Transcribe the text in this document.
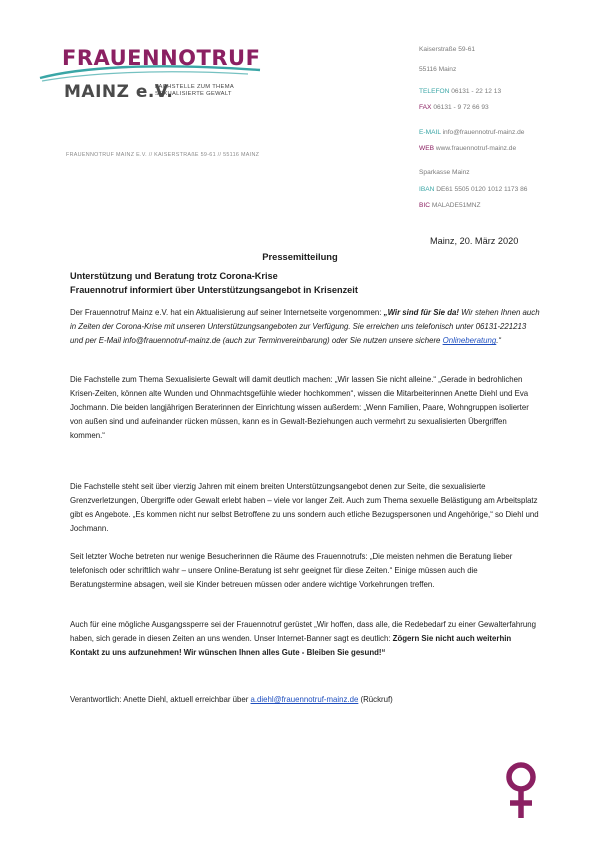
FRAUENNOTRUF
MAINZ e.V.
FACHSTELLE ZUM THEMA
SEXUALISIERTE GEWALT
FRAUENNOTRUF MAINZ E.V. // KAISERSTRAßE 59-61 // 55116 MAINZ
Kaiserstraße 59-61
55116 Mainz
TELEFON 06131 - 22 12 13
FAX 06131 - 9 72 66 93
E-MAIL info@frauennotruf-mainz.de
WEB www.frauennotruf-mainz.de
Sparkasse Mainz
IBAN DE61 5505 0120 1012 1173 86
BIC MALADE51MNZ
Mainz, 20. März 2020
Pressemitteilung
Unterstützung und Beratung trotz Corona-Krise
Frauennotruf informiert über Unterstützungsangebot in Krisenzeit

Der Frauennotruf Mainz e.V. hat ein Aktualisierung auf seiner Internetseite vorgenommen: „Wir sind für Sie da! Wir stehen Ihnen auch in Zeiten der Corona-Krise mit unseren Unterstützungsangeboten zur Verfügung. Sie erreichen uns telefonisch unter 06131-221213 und per E-Mail info@frauennotruf-mainz.de (auch zur Terminvereinbarung) oder Sie nutzen unsere sichere Onlineberatung.“

Die Fachstelle zum Thema Sexualisierte Gewalt will damit deutlich machen: „Wir lassen Sie nicht alleine.“ „Gerade in bedrohlichen Krisen-Zeiten, können alte Wunden und Ohnmachtsgefühle wieder hochkommen“, wissen die Mitarbeiterinnen Anette Diehl und Eva Jochmann. Die beiden langjährigen Beraterinnen der Einrichtung wissen außerdem: „Wenn Familien, Paare, Wohngruppen isolierter von außen sind und aufeinander rücken müssen, kann es in Gewalt-Beziehungen auch vermehrt zu sexualisierten Übergriffen kommen.“

Die Fachstelle steht seit über vierzig Jahren mit einem breiten Unterstützungsangebot denen zur Seite, die sexualisierte Grenzverletzungen, Übergriffe oder Gewalt erlebt haben – viele vor langer Zeit. Auch zum Thema sexuelle Belästigung am Arbeitsplatz gibt es Angebote. „Es kommen nicht nur selbst Betroffene zu uns sondern auch etliche Bezugspersonen und Angehörige,“ so Diehl und Jochmann.

Seit letzter Woche betreten nur wenige Besucherinnen die Räume des Frauennotrufs: „Die meisten nehmen die Beratung lieber telefonisch oder schriftlich wahr – unsere Online-Beratung ist sehr geeignet für diese Zeiten.“ Einige müssen auch die Beratungstermine absagen, weil sie Kinder betreuen müssen oder andere wichtige Vorkehrungen treffen.

Auch für eine mögliche Ausgangssperre sei der Frauennotruf gerüstet „Wir hoffen, dass alle, die Redebedarf zu einer Gewalterfahrung haben, sich gerade in diesen Zeiten an uns wenden. Unser Internet-Banner sagt es deutlich: Zögern Sie nicht auch weiterhin Kontakt zu uns aufzunehmen! Wir wünschen Ihnen alles Gute - Bleiben Sie gesund!“

Verantwortlich: Anette Diehl, aktuell erreichbar über a.diehl@frauennotruf-mainz.de (Rückruf)
